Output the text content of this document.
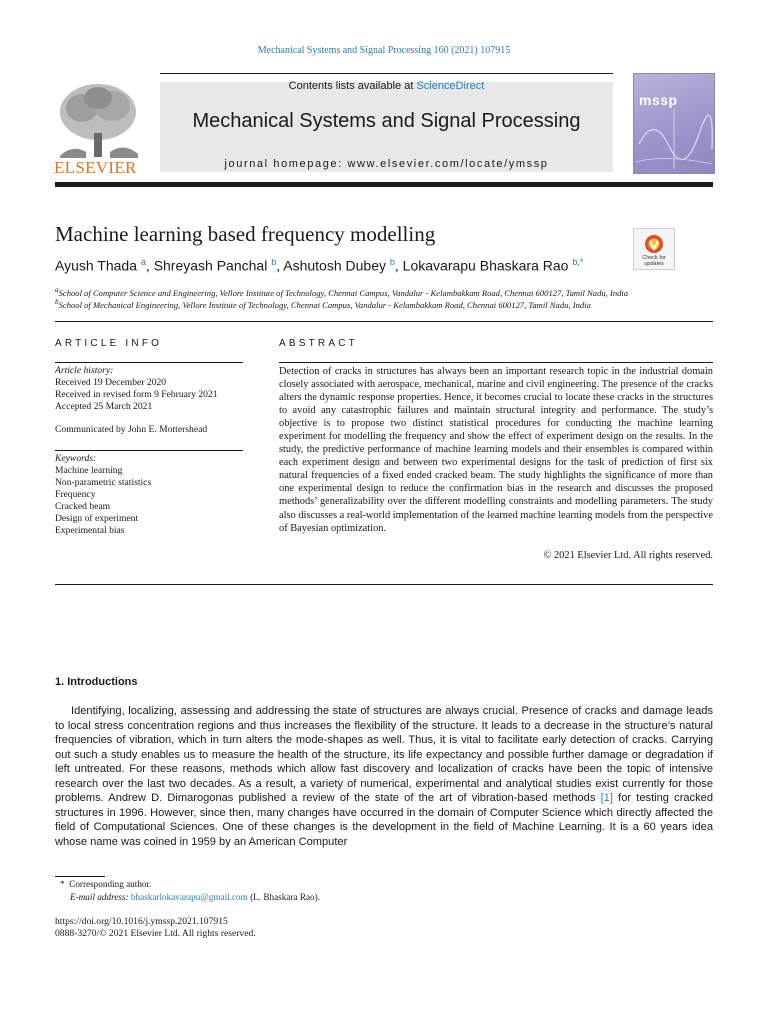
Mechanical Systems and Signal Processing 160 (2021) 107915
ELSEVIER
Contents lists available at ScienceDirect
Mechanical Systems and Signal Processing
journal homepage: www.elsevier.com/locate/ymssp
mssp
Machine learning based frequency modelling
Check for
updates
Ayush Thada $^a$, Shreyash Panchal $^b$, Ashutosh Dubey $^b$, Lokavarapu Bhaskara Rao $^{b,*}$
$^a$School of Computer Science and Engineering, Vellore Institute of Technology, Chennai Campus, Vandalur - Kelambakkam Road, Chennai 600127, Tamil Nadu, India
$^b$School of Mechanical Engineering, Vellore Institute of Technology, Chennai Campus, Vandalur - Kelambakkam Road, Chennai 600127, Tamil Nadu, India
ARTICLE INFO
Article history:
Received 19 December 2020
Received in revised form 9 February 2021
Accepted 25 March 2021
Communicated by John E. Mottershead
Keywords:
Machine learning
Non-parametric statistics
Frequency
Cracked beam
Design of experiment
Experimental bias
ABSTRACT
Detection of cracks in structures has always been an important research topic in the industrial domain closely associated with aerospace, mechanical, marine and civil engineering. The presence of the cracks alters the dynamic response properties. Hence, it becomes crucial to locate these cracks in the structures to avoid any catastrophic failures and maintain structural integrity and performance. The study’s objective is to propose two distinct statistical procedures for conducting the machine learning experiment for modelling the frequency and show the effect of experiment design on the results. In the study, the predictive performance of machine learning models and their ensembles is compared within each experiment design and between two experimental designs for the task of prediction of first six natural frequencies of a fixed ended cracked beam. The study highlights the significance of more than one experimental design to reduce the confirmation bias in the research and discusses the proposed methods’ generalizability over the different modelling constraints and modelling parameters. The study also discusses a real-world implementation of the learned machine learning models from the perspective of Bayesian optimization.
© 2021 Elsevier Ltd. All rights reserved.
1. Introductions
Identifying, localizing, assessing and addressing the state of structures are always crucial. Presence of cracks and damage leads to local stress concentration regions and thus increases the flexibility of the structure. It leads to a decrease in the structure’s natural frequencies of vibration, which in turn alters the mode-shapes as well. Thus, it is vital to facilitate early detection of cracks. Carrying out such a study enables us to measure the health of the structure, its life expectancy and possible further damage or degradation if left untreated. For these reasons, methods which allow fast discovery and localization of cracks have been the topic of intensive research over the last two decades. As a result, a variety of numerical, experimental and analytical studies exist currently for those problems. Andrew D. Dimarogonas published a review of the state of the art of vibration-based methods [1] for testing cracked structures in 1996. However, since then, many changes have occurred in the domain of Computer Science which directly affected the field of Computational Sciences. One of these changes is the development in the field of Machine Learning. It is a 60 years idea whose name was coined in 1959 by an American Computer
* Corresponding author.
E-mail address: bhaskarlokavarapu@gmail.com (L. Bhaskara Rao).
https://doi.org/10.1016/j.ymssp.2021.107915
0888-3270/© 2021 Elsevier Ltd. All rights reserved.
